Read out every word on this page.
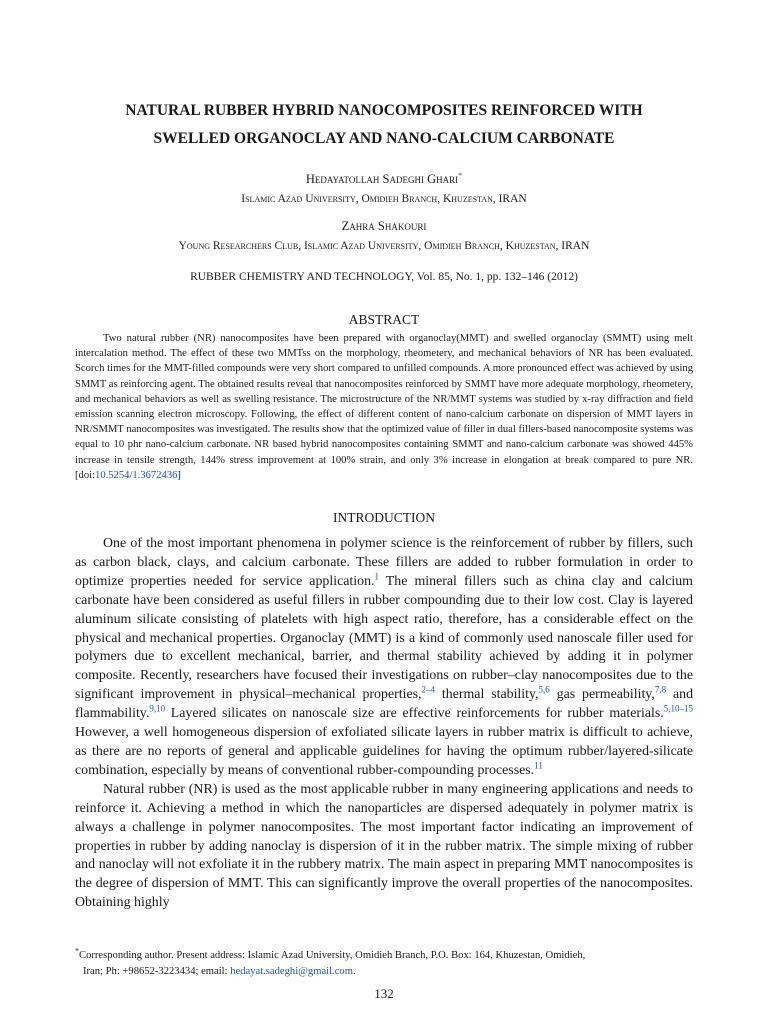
NATURAL RUBBER HYBRID NANOCOMPOSITES REINFORCED WITH
SWELLED ORGANOCLAY AND NANO-CALCIUM CARBONATE
Hedayatollah Sadeghi Ghari*
Islamic Azad University, Omidieh Branch, Khuzestan, IRAN
Zahra Shakouri
Young Researchers Club, Islamic Azad University, Omidieh Branch, Khuzestan, IRAN
RUBBER CHEMISTRY AND TECHNOLOGY, Vol. 85, No. 1, pp. 132–146 (2012)
ABSTRACT
Two natural rubber (NR) nanocomposites have been prepared with organoclay(MMT) and swelled organoclay (SMMT) using melt intercalation method. The effect of these two MMTss on the morphology, rheometery, and mechanical behaviors of NR has been evaluated. Scorch times for the MMT-filled compounds were very short compared to unfilled compounds. A more pronounced effect was achieved by using SMMT as reinforcing agent. The obtained results reveal that nanocomposites reinforced by SMMT have more adequate morphology, rheometery, and mechanical behaviors as well as swelling resistance. The microstructure of the NR/MMT systems was studied by x-ray diffraction and field emission scanning electron microscopy. Following, the effect of different content of nano-calcium carbonate on dispersion of MMT layers in NR/SMMT nanocomposites was investigated. The results show that the optimized value of filler in dual fillers-based nanocomposite systems was equal to 10 phr nano-calcium carbonate. NR based hybrid nanocomposites containing SMMT and nano-calcium carbonate was showed 445% increase in tensile strength, 144% stress improvement at 100% strain, and only 3% increase in elongation at break compared to pure NR. [doi:10.5254/1.3672436]
INTRODUCTION

One of the most important phenomena in polymer science is the reinforcement of rubber by fillers, such as carbon black, clays, and calcium carbonate. These fillers are added to rubber formulation in order to optimize properties needed for service application.$^1$ The mineral fillers such as china clay and calcium carbonate have been considered as useful fillers in rubber compounding due to their low cost. Clay is layered aluminum silicate consisting of platelets with high aspect ratio, therefore, has a considerable effect on the physical and mechanical properties. Organoclay (MMT) is a kind of commonly used nanoscale filler used for polymers due to excellent mechanical, barrier, and thermal stability achieved by adding it in polymer composite. Recently, researchers have focused their investigations on rubber–clay nanocomposites due to the significant improvement in physical–mechanical properties,$^{2-4}$ thermal stability,$^{5,6}$ gas permeability,$^{7,8}$ and flammability.$^{9,10}$ Layered silicates on nanoscale size are effective reinforcements for rubber materials.$^{5,10-15}$ However, a well homogeneous dispersion of exfoliated silicate layers in rubber matrix is difficult to achieve, as there are no reports of general and applicable guidelines for having the optimum rubber/layered-silicate combination, especially by means of conventional rubber-compounding processes.$^{11}$

Natural rubber (NR) is used as the most applicable rubber in many engineering applications and needs to reinforce it. Achieving a method in which the nanoparticles are dispersed adequately in polymer matrix is always a challenge in polymer nanocomposites. The most important factor indicating an improvement of properties in rubber by adding nanoclay is dispersion of it in the rubber matrix. The simple mixing of rubber and nanoclay will not exfoliate it in the rubbery matrix. The main aspect in preparing MMT nanocomposites is the degree of dispersion of MMT. This can significantly improve the overall properties of the nanocomposites. Obtaining highly

*Corresponding author. Present address: Islamic Azad University, Omidieh Branch, P.O. Box: 164, Khuzestan, Omidieh,
Iran; Ph: +98652-3223434; email: hedayat.sadeghi@gmail.com.
132
